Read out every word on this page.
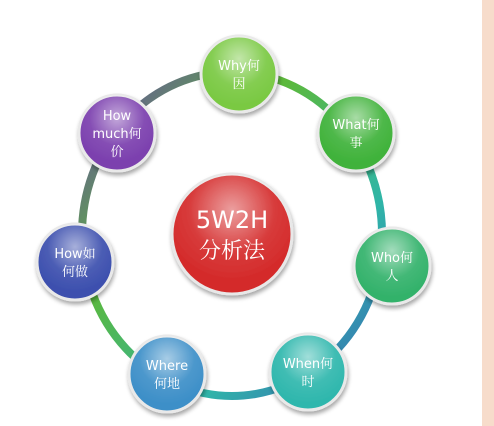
Why何
因
What何
事
Who何
人
When何
时
Where
何地
How如
何做
How
much何
价
5W2H
分析法
